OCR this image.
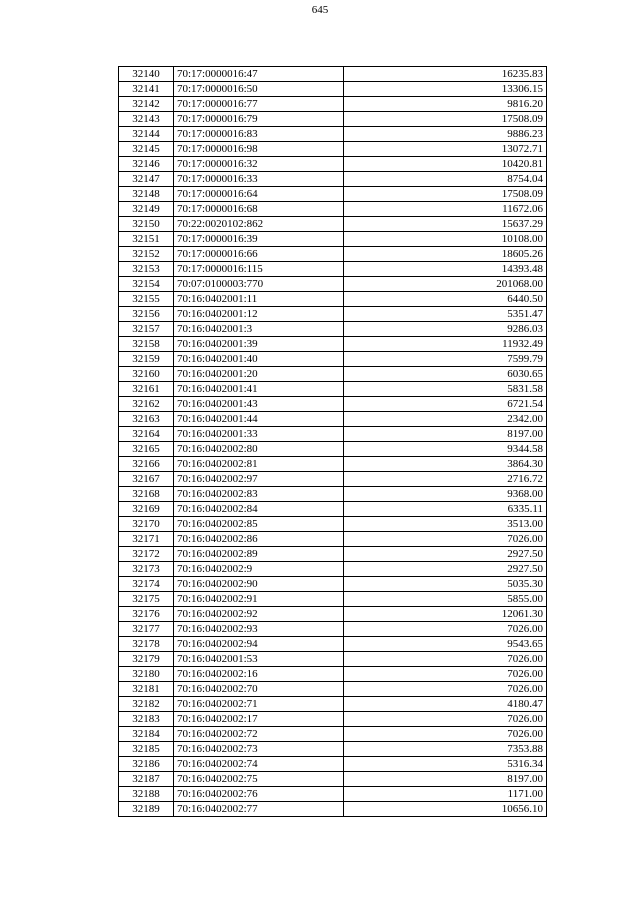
645
32140	70:17:0000016:47	16235.83
32141	70:17:0000016:50	13306.15
32142	70:17:0000016:77	9816.20
32143	70:17:0000016:79	17508.09
32144	70:17:0000016:83	9886.23
32145	70:17:0000016:98	13072.71
32146	70:17:0000016:32	10420.81
32147	70:17:0000016:33	8754.04
32148	70:17:0000016:64	17508.09
32149	70:17:0000016:68	11672.06
32150	70:22:0020102:862	15637.29
32151	70:17:0000016:39	10108.00
32152	70:17:0000016:66	18605.26
32153	70:17:0000016:115	14393.48
32154	70:07:0100003:770	201068.00
32155	70:16:0402001:11	6440.50
32156	70:16:0402001:12	5351.47
32157	70:16:0402001:3	9286.03
32158	70:16:0402001:39	11932.49
32159	70:16:0402001:40	7599.79
32160	70:16:0402001:20	6030.65
32161	70:16:0402001:41	5831.58
32162	70:16:0402001:43	6721.54
32163	70:16:0402001:44	2342.00
32164	70:16:0402001:33	8197.00
32165	70:16:0402002:80	9344.58
32166	70:16:0402002:81	3864.30
32167	70:16:0402002:97	2716.72
32168	70:16:0402002:83	9368.00
32169	70:16:0402002:84	6335.11
32170	70:16:0402002:85	3513.00
32171	70:16:0402002:86	7026.00
32172	70:16:0402002:89	2927.50
32173	70:16:0402002:9	2927.50
32174	70:16:0402002:90	5035.30
32175	70:16:0402002:91	5855.00
32176	70:16:0402002:92	12061.30
32177	70:16:0402002:93	7026.00
32178	70:16:0402002:94	9543.65
32179	70:16:0402001:53	7026.00
32180	70:16:0402002:16	7026.00
32181	70:16:0402002:70	7026.00
32182	70:16:0402002:71	4180.47
32183	70:16:0402002:17	7026.00
32184	70:16:0402002:72	7026.00
32185	70:16:0402002:73	7353.88
32186	70:16:0402002:74	5316.34
32187	70:16:0402002:75	8197.00
32188	70:16:0402002:76	1171.00
32189	70:16:0402002:77	10656.10
